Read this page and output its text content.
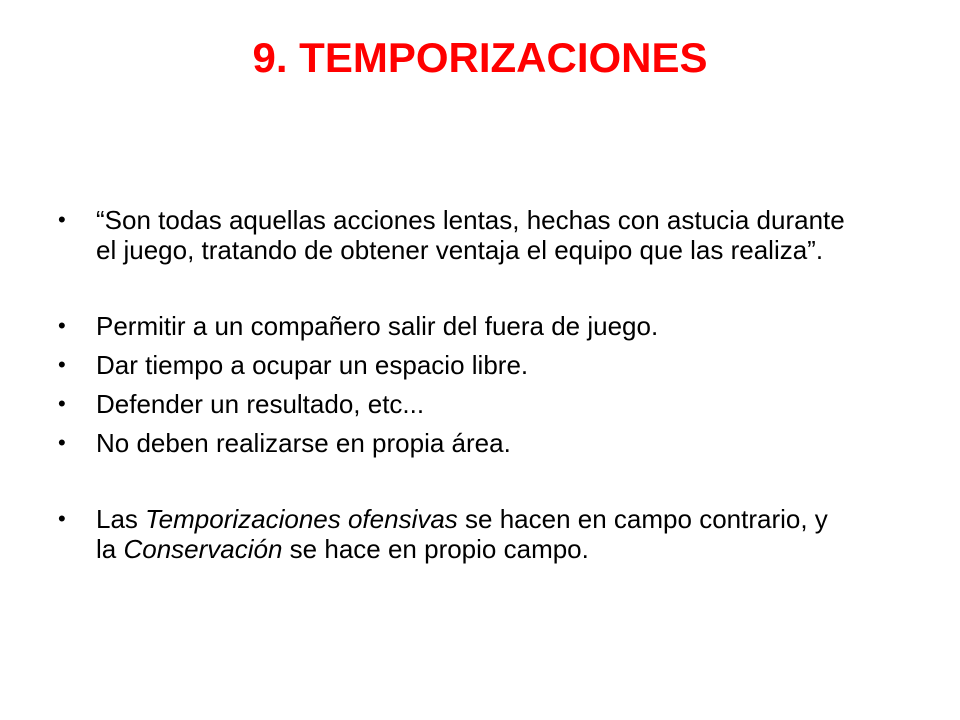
9. TEMPORIZACIONES
• “Son todas aquellas acciones lentas, hechas con astucia durante el juego, tratando de obtener ventaja el equipo que las realiza”.
• Permitir a un compañero salir del fuera de juego.
• Dar tiempo a ocupar un espacio libre.
• Defender un resultado, etc...
• No deben realizarse en propia área.
• Las Temporizaciones ofensivas se hacen en campo contrario, y la Conservación se hace en propio campo.
